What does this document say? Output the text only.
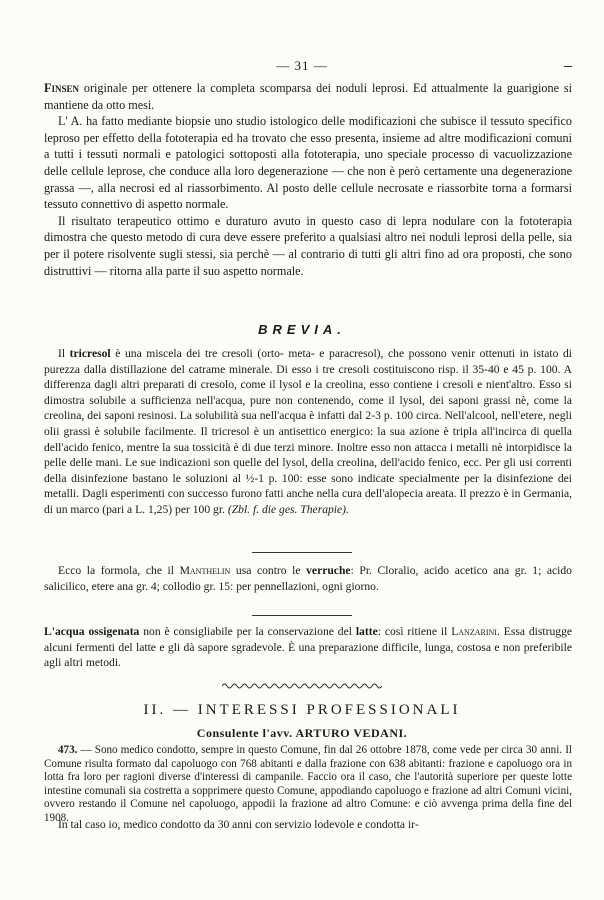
— 31 —

Finsen originale per ottenere la completa scomparsa dei noduli leprosi. Ed attualmente la guarigione si mantiene da otto mesi.

L' A. ha fatto mediante biopsie uno studio istologico delle modificazioni che subisce il tessuto specifico leproso per effetto della fototerapia ed ha trovato che esso presenta, insieme ad altre modificazioni comuni a tutti i tessuti normali e patologici sottoposti alla fototerapia, uno speciale processo di vacuolizzazione delle cellule leprose, che conduce alla loro degenerazione — che non è però certamente una degenerazione grassa —, alla necrosi ed al riassorbimento. Al posto delle cellule necrosate e riassorbite torna a formarsi tessuto connettivo di aspetto normale.

Il risultato terapeutico ottimo e duraturo avuto in questo caso di lepra nodulare con la fototerapia dimostra che questo metodo di cura deve essere preferito a qualsiasi altro nei noduli leprosi della pelle, sia per il potere risolvente sugli stessi, sia perchè — al contrario di tutti gli altri fino ad ora proposti, che sono distruttivi — ritorna alla parte il suo aspetto normale.

BREVIA.

Il tricresol è una miscela dei tre cresoli (orto- meta- e paracresol), che possono venir ottenuti in istato di purezza dalla distillazione del catrame minerale. Di esso i tre cresoli costituiscono risp. il 35-40 e 45 p. 100. A differenza dagli altri preparati di cresolo, come il lysol e la creolina, esso contiene i cresoli e nient'altro. Esso si dimostra solubile a sufficienza nell'acqua, pure non contenendo, come il lysol, dei saponi grassi nè, come la creolina, dei saponi resinosi. La solubilità sua nell'acqua è infatti dal 2-3 p. 100 circa. Nell'alcool, nell'etere, negli olii grassi è solubile facilmente. Il tricresol è un antisettico energico: la sua azione è tripla all'incirca di quella dell'acido fenico, mentre la sua tossicità è di due terzi minore. Inoltre esso non attacca i metalli nè intorpidisce la pelle delle mani. Le sue indicazioni son quelle del lysol, della creolina, dell'acido fenico, ecc. Per gli usi correnti della disinfezione bastano le soluzioni al ½-1 p. 100: esse sono indicate specialmente per la disinfezione dei metalli. Dagli esperimenti con successo furono fatti anche nella cura dell'alopecia areata. Il prezzo è in Germania, di un marco (pari a L. 1,25) per 100 gr. (Zbl. f. die ges. Therapie).

Ecco la formola, che il Manthelin usa contro le verruche: Pr. Cloralio, acido acetico ana gr. 1; acido salicilico, etere ana gr. 4; collodio gr. 15: per pennellazioni, ogni giorno.

L'acqua ossigenata non è consigliabile per la conservazione del latte: così ritiene il Lanzarini. Essa distrugge alcuni fermenti del latte e gli dà sapore sgradevole. È una preparazione difficile, lunga, costosa e non preferibile agli altri metodi.

II. — INTERESSI PROFESSIONALI
Consulente l'avv. ARTURO VEDANI.

473. — Sono medico condotto, sempre in questo Comune, fin dal 26 ottobre 1878, come vede per circa 30 anni. Il Comune risulta formato dal capoluogo con 768 abitanti e dalla frazione con 638 abitanti: frazione e capoluogo ora in lotta fra loro per ragioni diverse d'interessi di campanile. Faccio ora il caso, che l'autorità superiore per queste lotte intestine comunali sia costretta a sopprimere questo Comune, appodiando capoluogo e frazione ad altri Comuni vicini, ovvero restando il Comune nel capoluogo, appodii la frazione ad altro Comune: e ciò avvenga prima della fine del 1908.

In tal caso io, medico condotto da 30 anni con servizio lodevole e condotta ir-
